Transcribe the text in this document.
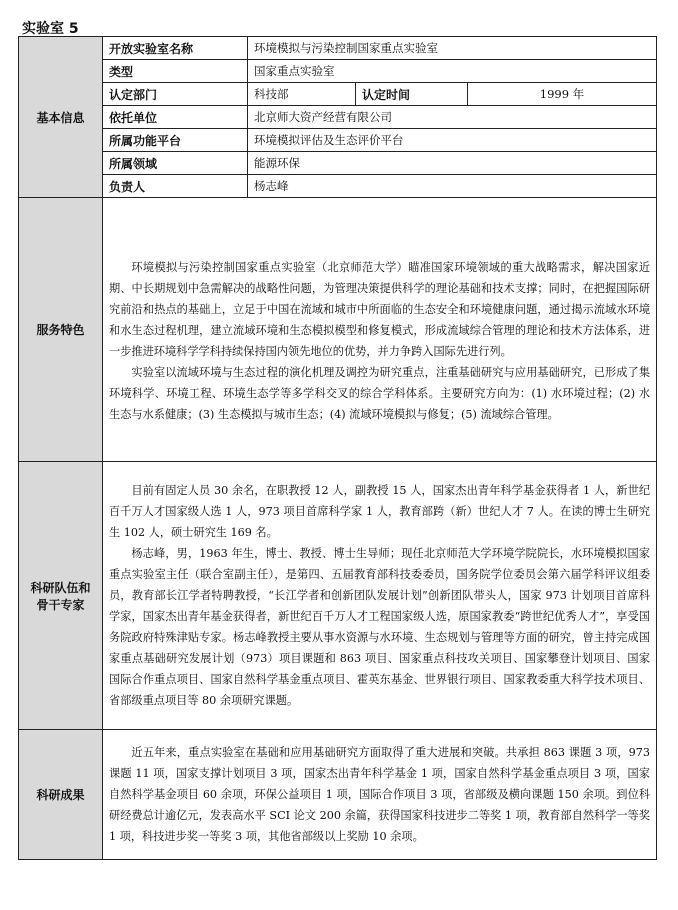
实验室 5
基本信息	开放实验室名称	环境模拟与污染控制国家重点实验室		
	类型	国家重点实验室		
	认定部门	科技部	认定时间	1999 年
	依托单位	北京师大资产经营有限公司		
	所属功能平台	环境模拟评估及生态评价平台		
	所属领域	能源环保		
	负责人	杨志峰		
服务特色	环境模拟与污染控制国家重点实验室（北京师范大学）瞄准国家环境领域的重大战略需求，解决国家近期、中长期规划中急需解决的战略性问题，为管理决策提供科学的理论基础和技术支撑；同时，在把握国际研究前沿和热点的基础上，立足于中国在流域和城市中所面临的生态安全和环境健康问题，通过揭示流域水环境和水生态过程机理，建立流域环境和生态模拟模型和修复模式，形成流域综合管理的理论和技术方法体系，进一步推进环境科学学科持续保持国内领先地位的优势，并力争跨入国际先进行列。

实验室以流域环境与生态过程的演化机理及调控为研究重点，注重基础研究与应用基础研究，已形成了集环境科学、环境工程、环境生态学等多学科交叉的综合学科体系。主要研究方向为：(1) 水环境过程；(2) 水生态与水系健康；(3) 生态模拟与城市生态；(4) 流域环境模拟与修复；(5) 流域综合管理。			

科研队伍和骨干专家	目前有固定人员 30 余名，在职教授 12 人，副教授 15 人，国家杰出青年科学基金获得者 1 人，新世纪百千万人才国家级人选 1 人，973 项目首席科学家 1 人，教育部跨（新）世纪人才 7 人。在读的博士生研究生 102 人，硕士研究生 169 名。

杨志峰，男，1963 年生，博士、教授、博士生导师；现任北京师范大学环境学院院长，水环境模拟国家重点实验室主任（联合室副主任），是第四、五届教育部科技委委员，国务院学位委员会第六届学科评议组委员，教育部长江学者特聘教授，“长江学者和创新团队发展计划”创新团队带头人，国家 973 计划项目首席科学家，国家杰出青年基金获得者，新世纪百千万人才工程国家级人选，原国家教委“跨世纪优秀人才”，享受国务院政府特殊津贴专家。杨志峰教授主要从事水资源与水环境、生态规划与管理等方面的研究，曾主持完成国家重点基础研究发展计划（973）项目课题和 863 项目、国家重点科技攻关项目、国家攀登计划项目、国家国际合作重点项目、国家自然科学基金重点项目、霍英东基金、世界银行项目、国家教委重大科学技术项目、省部级重点项目等 80 余项研究课题。			

科研成果	近五年来，重点实验室在基础和应用基础研究方面取得了重大进展和突破。共承担 863 课题 3 项，973 课题 11 项，国家支撑计划项目 3 项，国家杰出青年科学基金 1 项，国家自然科学基金重点项目 3 项，国家自然科学基金项目 60 余项，环保公益项目 1 项，国际合作项目 3 项，省部级及横向课题 150 余项。到位科研经费总计逾亿元，发表高水平 SCI 论文 200 余篇，获得国家科技进步二等奖 1 项，教育部自然科学一等奖 1 项，科技进步奖一等奖 3 项，其他省部级以上奖励 10 余项。			
